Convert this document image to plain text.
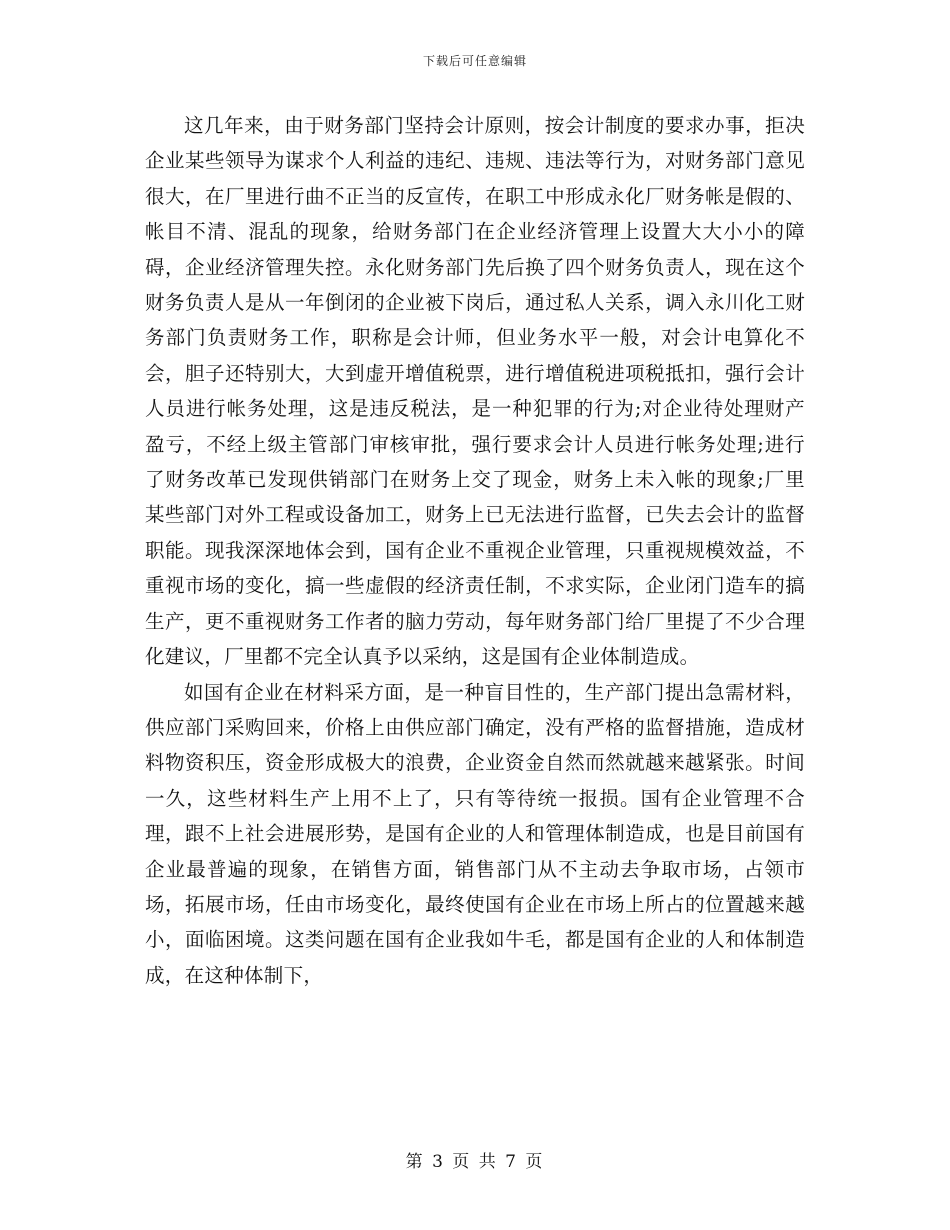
下载后可任意编辑

这几年来，由于财务部门坚持会计原则，按会计制度的要求办事，拒决企业某些领导为谋求个人利益的违纪、违规、违法等行为，对财务部门意见很大，在厂里进行曲不正当的反宣传，在职工中形成永化厂财务帐是假的、帐目不清、混乱的现象，给财务部门在企业经济管理上设置大大小小的障碍，企业经济管理失控。永化财务部门先后换了四个财务负责人，现在这个财务负责人是从一年倒闭的企业被下岗后，通过私人关系，调入永川化工财务部门负责财务工作，职称是会计师，但业务水平一般，对会计电算化不会，胆子还特别大，大到虚开增值税票，进行增值税进项税抵扣，强行会计人员进行帐务处理，这是违反税法，是一种犯罪的行为;对企业待处理财产盈亏，不经上级主管部门审核审批，强行要求会计人员进行帐务处理;进行了财务改革已发现供销部门在财务上交了现金，财务上未入帐的现象;厂里某些部门对外工程或设备加工，财务上已无法进行监督，已失去会计的监督职能。现我深深地体会到，国有企业不重视企业管理，只重视规模效益，不重视市场的变化，搞一些虚假的经济责任制，不求实际，企业闭门造车的搞生产，更不重视财务工作者的脑力劳动，每年财务部门给厂里提了不少合理化建议，厂里都不完全认真予以采纳，这是国有企业体制造成。

如国有企业在材料采方面，是一种盲目性的，生产部门提出急需材料，供应部门采购回来，价格上由供应部门确定，没有严格的监督措施，造成材料物资积压，资金形成极大的浪费，企业资金自然而然就越来越紧张。时间一久，这些材料生产上用不上了，只有等待统一报损。国有企业管理不合理，跟不上社会进展形势，是国有企业的人和管理体制造成，也是目前国有企业最普遍的现象，在销售方面，销售部门从不主动去争取市场，占领市场，拓展市场，任由市场变化，最终使国有企业在市场上所占的位置越来越小，面临困境。这类问题在国有企业我如牛毛，都是国有企业的人和体制造成，在这种体制下，

第 3 页 共 7 页
